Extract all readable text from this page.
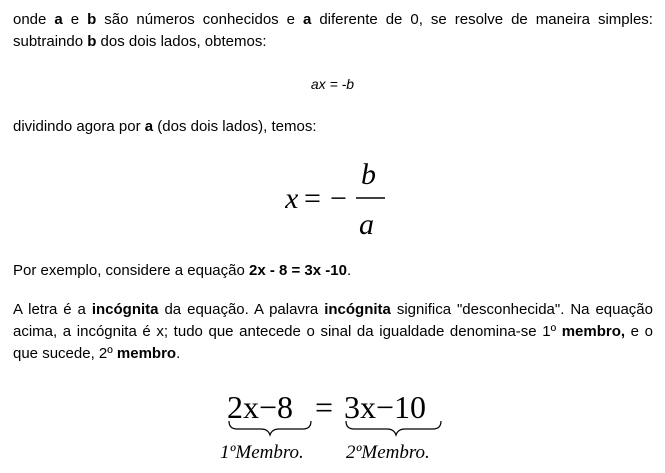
onde a e b são números conhecidos e a diferente de 0, se resolve de maneira simples: subtraindo b dos dois lados, obtemos:
ax = -b
dividindo agora por a (dos dois lados), temos:
x = −
b
a
Por exemplo, considere a equação 2x - 8 = 3x -10.
A letra é a incógnita da equação. A palavra incógnita significa "desconhecida". Na equação acima, a incógnita é x; tudo que antecede o sinal da igualdade denomina-se 1º membro, e o que sucede, 2º membro.
2x−8 = 3x−10
1ºMembro. 2ºMembro.
